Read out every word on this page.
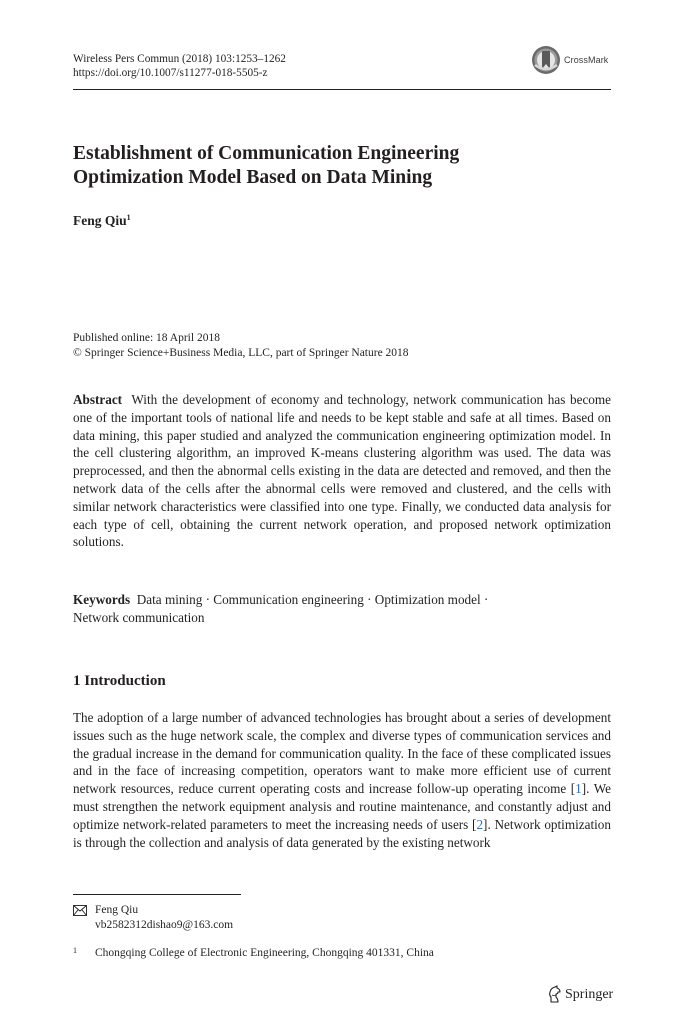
Wireless Pers Commun (2018) 103:1253–1262
https://doi.org/10.1007/s11277-018-5505-z
CrossMark
Establishment of Communication Engineering
Optimization Model Based on Data Mining

Feng Qiu$^1$

Published online: 18 April 2018
© Springer Science+Business Media, LLC, part of Springer Nature 2018

Abstract With the development of economy and technology, network communication has become one of the important tools of national life and needs to be kept stable and safe at all times. Based on data mining, this paper studied and analyzed the communication engineering optimization model. In the cell clustering algorithm, an improved K-means clustering algorithm was used. The data was preprocessed, and then the abnormal cells existing in the data are detected and removed, and then the network data of the cells after the abnormal cells were removed and clustered, and the cells with similar network characteristics were classified into one type. Finally, we conducted data analysis for each type of cell, obtaining the current network operation, and proposed network optimization solutions.

Keywords Data mining · Communication engineering · Optimization model · Network communication

1 Introduction

The adoption of a large number of advanced technologies has brought about a series of development issues such as the huge network scale, the complex and diverse types of communication services and the gradual increase in the demand for communication quality. In the face of these complicated issues and in the face of increasing competition, operators want to make more efficient use of current network resources, reduce current operating costs and increase follow-up operating income [1]. We must strengthen the network equipment analysis and routine maintenance, and constantly adjust and optimize network-related parameters to meet the increasing needs of users [2]. Network optimization is through the collection and analysis of data generated by the existing network

Feng Qiu
vb2582312dishao9@163.com
1	Chongqing College of Electronic Engineering, Chongqing 401331, China
Springer
